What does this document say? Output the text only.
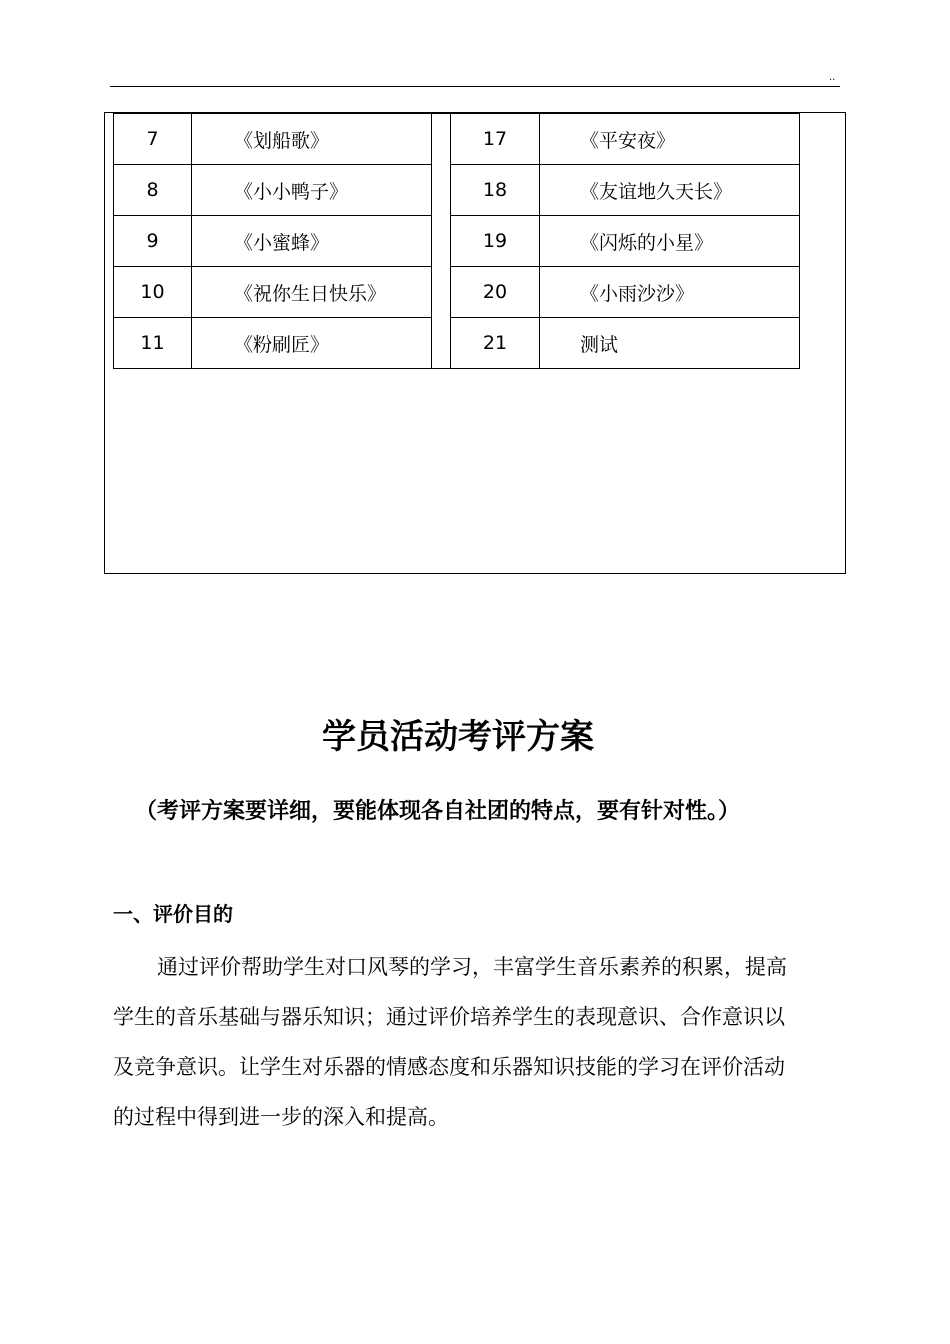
..
7	《划船歌》		17	《平安夜》
8	《小小鸭子》		18	《友谊地久天长》
9	《小蜜蜂》		19	《闪烁的小星》
10	《祝你生日快乐》		20	《小雨沙沙》
11	《粉刷匠》		21	测试
学员活动考评方案
（考评方案要详细，要能体现各自社团的特点，要有针对性。）
一、评价目的
通过评价帮助学生对口风琴的学习，丰富学生音乐素养的积累，提高
学生的音乐基础与器乐知识；通过评价培养学生的表现意识、合作意识以
及竞争意识。让学生对乐器的情感态度和乐器知识技能的学习在评价活动
的过程中得到进一步的深入和提高。
